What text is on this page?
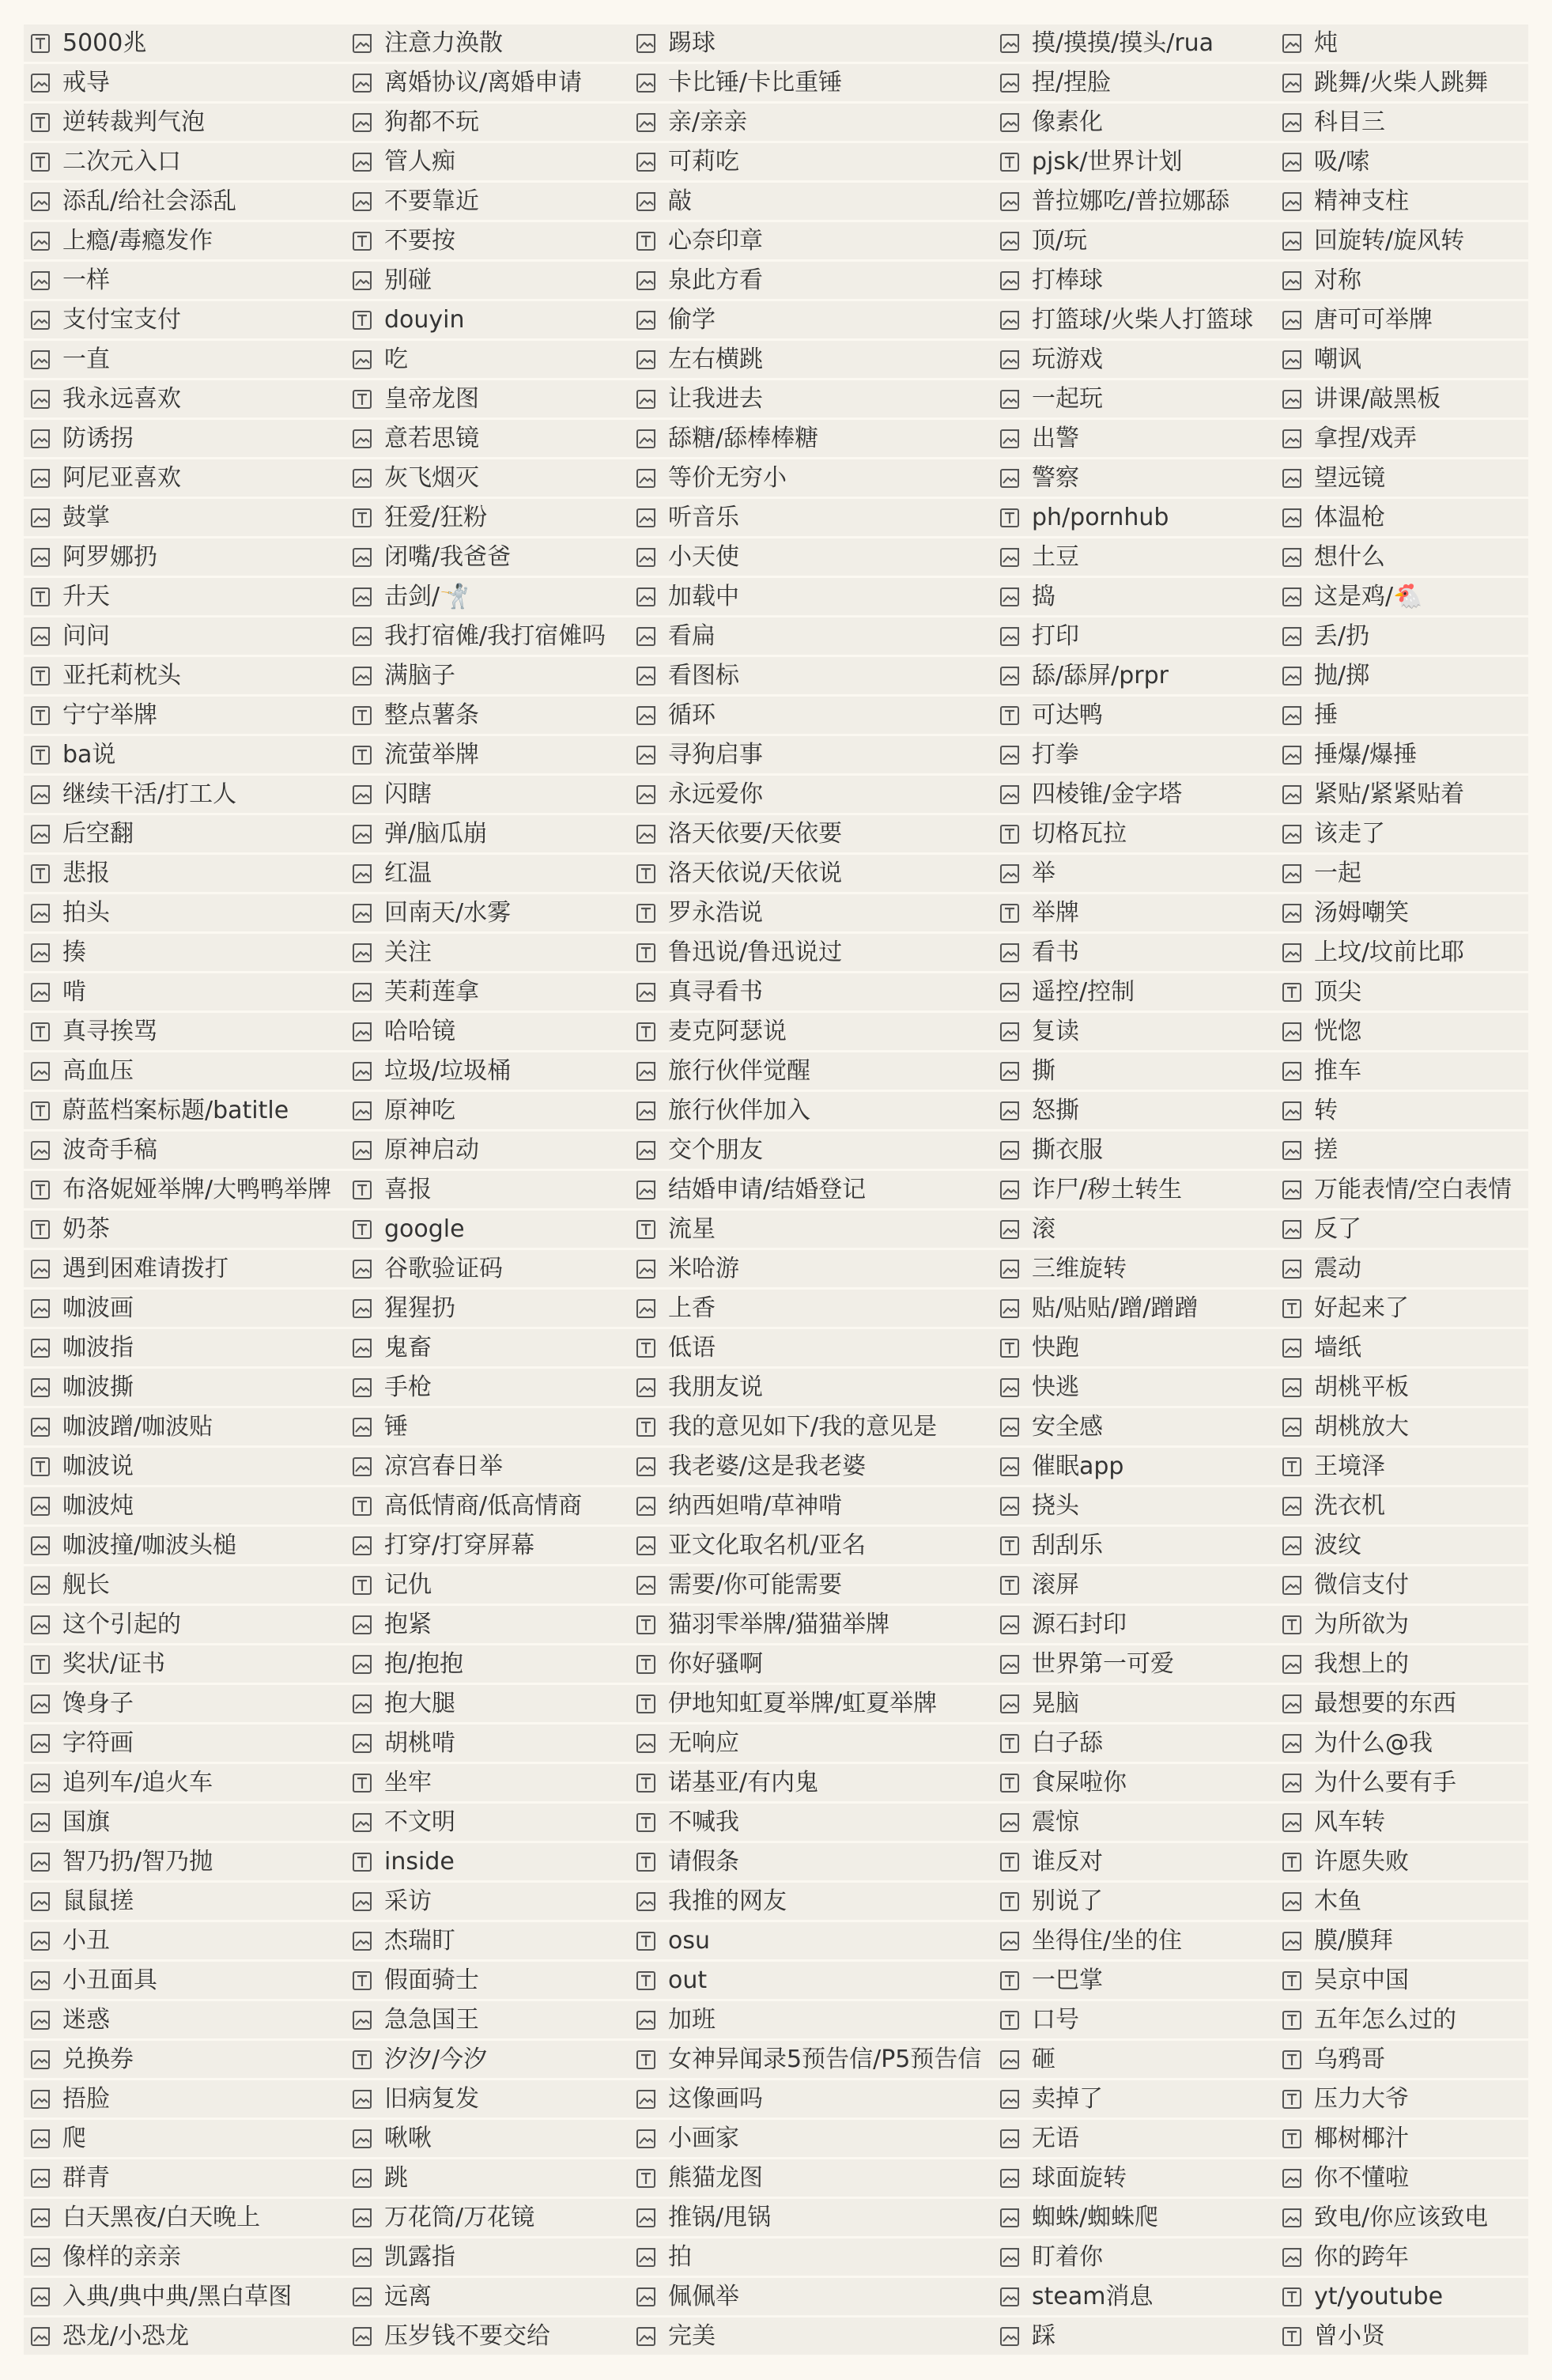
5000兆
戒导
逆转裁判气泡
二次元入口
添乱/给社会添乱
上瘾/毒瘾发作
一样
支付宝支付
一直
我永远喜欢
防诱拐
阿尼亚喜欢
鼓掌
阿罗娜扔
升天
问问
亚托莉枕头
宁宁举牌
ba说
继续干活/打工人
后空翻
悲报
拍头
揍
啃
真寻挨骂
高血压
蔚蓝档案标题/batitle
波奇手稿
布洛妮娅举牌/大鸭鸭举牌
奶茶
遇到困难请拨打
咖波画
咖波指
咖波撕
咖波蹭/咖波贴
咖波说
咖波炖
咖波撞/咖波头槌
舰长
这个引起的
奖状/证书
馋身子
字符画
追列车/追火车
国旗
智乃扔/智乃抛
鼠鼠搓
小丑
小丑面具
迷惑
兑换券
捂脸
爬
群青
白天黑夜/白天晚上
像样的亲亲
入典/典中典/黑白草图
恐龙/小恐龙
注意力涣散
离婚协议/离婚申请
狗都不玩
管人痴
不要靠近
不要按
别碰
douyin
吃
皇帝龙图
意若思镜
灰飞烟灭
狂爱/狂粉
闭嘴/我爸爸
击剑/🤺
我打宿傩/我打宿傩吗
满脑子
整点薯条
流萤举牌
闪瞎
弹/脑瓜崩
红温
回南天/水雾
关注
芙莉莲拿
哈哈镜
垃圾/垃圾桶
原神吃
原神启动
喜报
google
谷歌验证码
猩猩扔
鬼畜
手枪
锤
凉宫春日举
高低情商/低高情商
打穿/打穿屏幕
记仇
抱紧
抱/抱抱
抱大腿
胡桃啃
坐牢
不文明
inside
采访
杰瑞盯
假面骑士
急急国王
汐汐/今汐
旧病复发
啾啾
跳
万花筒/万花镜
凯露指
远离
压岁钱不要交给
踢球
卡比锤/卡比重锤
亲/亲亲
可莉吃
敲
心奈印章
泉此方看
偷学
左右横跳
让我进去
舔糖/舔棒棒糖
等价无穷小
听音乐
小天使
加载中
看扁
看图标
循环
寻狗启事
永远爱你
洛天依要/天依要
洛天依说/天依说
罗永浩说
鲁迅说/鲁迅说过
真寻看书
麦克阿瑟说
旅行伙伴觉醒
旅行伙伴加入
交个朋友
结婚申请/结婚登记
流星
米哈游
上香
低语
我朋友说
我的意见如下/我的意见是
我老婆/这是我老婆
纳西妲啃/草神啃
亚文化取名机/亚名
需要/你可能需要
猫羽雫举牌/猫猫举牌
你好骚啊
伊地知虹夏举牌/虹夏举牌
无响应
诺基亚/有内鬼
不喊我
请假条
我推的网友
osu
out
加班
女神异闻录5预告信/P5预告信
这像画吗
小画家
熊猫龙图
推锅/甩锅
拍
佩佩举
完美
摸/摸摸/摸头/rua
捏/捏脸
像素化
pjsk/世界计划
普拉娜吃/普拉娜舔
顶/玩
打棒球
打篮球/火柴人打篮球
玩游戏
一起玩
出警
警察
ph/pornhub
土豆
捣
打印
舔/舔屏/prpr
可达鸭
打拳
四棱锥/金字塔
切格瓦拉
举
举牌
看书
遥控/控制
复读
撕
怒撕
撕衣服
诈尸/秽土转生
滚
三维旋转
贴/贴贴/蹭/蹭蹭
快跑
快逃
安全感
催眠app
挠头
刮刮乐
滚屏
源石封印
世界第一可爱
晃脑
白子舔
食屎啦你
震惊
谁反对
别说了
坐得住/坐的住
一巴掌
口号
砸
卖掉了
无语
球面旋转
蜘蛛/蜘蛛爬
盯着你
steam消息
踩
炖
跳舞/火柴人跳舞
科目三
吸/嗦
精神支柱
回旋转/旋风转
对称
唐可可举牌
嘲讽
讲课/敲黑板
拿捏/戏弄
望远镜
体温枪
想什么
这是鸡/🐔
丢/扔
抛/掷
捶
捶爆/爆捶
紧贴/紧紧贴着
该走了
一起
汤姆嘲笑
上坟/坟前比耶
顶尖
恍惚
推车
转
搓
万能表情/空白表情
反了
震动
好起来了
墙纸
胡桃平板
胡桃放大
王境泽
洗衣机
波纹
微信支付
为所欲为
我想上的
最想要的东西
为什么@我
为什么要有手
风车转
许愿失败
木鱼
膜/膜拜
吴京中国
五年怎么过的
乌鸦哥
压力大爷
椰树椰汁
你不懂啦
致电/你应该致电
你的跨年
yt/youtube
曾小贤
